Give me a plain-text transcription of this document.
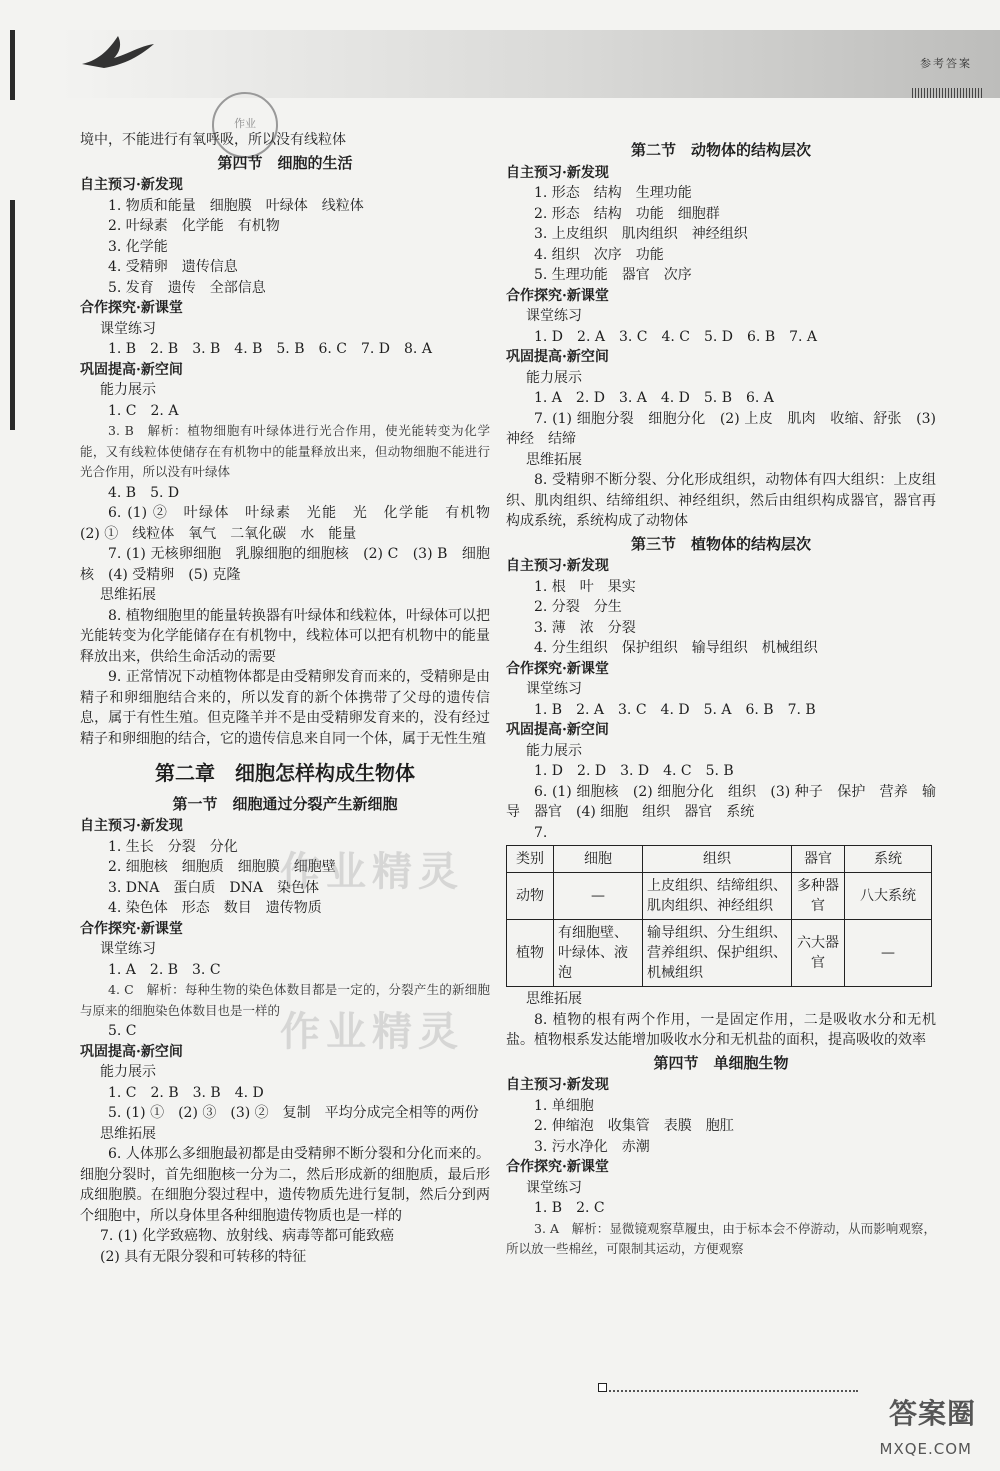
参考答案
作业
境中，不能进行有氧呼吸，所以没有线粒体
第四节　细胞的生活
自主预习·新发现
1. 物质和能量　细胞膜　叶绿体　线粒体
2. 叶绿素　化学能　有机物
3. 化学能
4. 受精卵　遗传信息
5. 发育　遗传　全部信息
合作探究·新课堂
课堂练习
1. B　2. B　3. B　4. B　5. B　6. C　7. D　8. A
巩固提高·新空间
能力展示
1. C　2. A
3. B　解析：植物细胞有叶绿体进行光合作用，使光能转变为化学能，又有线粒体使储存在有机物中的能量释放出来，但动物细胞不能进行光合作用，所以没有叶绿体
4. B　5. D
6. (1) ②　叶绿体　叶绿素　光能　光　化学能　有机物　(2) ①　线粒体　氧气　二氧化碳　水　能量
7. (1) 无核卵细胞　乳腺细胞的细胞核　(2) C　(3) B　细胞核　(4) 受精卵　(5) 克隆
思维拓展
8. 植物细胞里的能量转换器有叶绿体和线粒体，叶绿体可以把光能转变为化学能储存在有机物中，线粒体可以把有机物中的能量释放出来，供给生命活动的需要
9. 正常情况下动植物体都是由受精卵发育而来的，受精卵是由精子和卵细胞结合来的，所以发育的新个体携带了父母的遗传信息，属于有性生殖。但克隆羊并不是由受精卵发育来的，没有经过精子和卵细胞的结合，它的遗传信息来自同一个体，属于无性生殖
第二章　细胞怎样构成生物体
第一节　细胞通过分裂产生新细胞
自主预习·新发现
1. 生长　分裂　分化
2. 细胞核　细胞质　细胞膜　细胞壁
3. DNA　蛋白质　DNA　染色体
4. 染色体　形态　数目　遗传物质
合作探究·新课堂
课堂练习
1. A　2. B　3. C
4. C　解析：每种生物的染色体数目都是一定的，分裂产生的新细胞与原来的细胞染色体数目也是一样的
5. C
巩固提高·新空间
能力展示
1. C　2. B　3. B　4. D
5. (1) ①　(2) ③　(3) ②　复制　平均分成完全相等的两份
思维拓展
6. 人体那么多细胞最初都是由受精卵不断分裂和分化而来的。细胞分裂时，首先细胞核一分为二，然后形成新的细胞质，最后形成细胞膜。在细胞分裂过程中，遗传物质先进行复制，然后分到两个细胞中，所以身体里各种细胞遗传物质也是一样的
7. (1) 化学致癌物、放射线、病毒等都可能致癌
(2) 具有无限分裂和可转移的特征
第二节　动物体的结构层次
自主预习·新发现
1. 形态　结构　生理功能
2. 形态　结构　功能　细胞群
3. 上皮组织　肌肉组织　神经组织
4. 组织　次序　功能
5. 生理功能　器官　次序
合作探究·新课堂
课堂练习
1. D　2. A　3. C　4. C　5. D　6. B　7. A
巩固提高·新空间
能力展示
1. A　2. D　3. A　4. D　5. B　6. A
7. (1) 细胞分裂　细胞分化　(2) 上皮　肌肉　收缩、舒张　(3) 神经　结缔
思维拓展
8. 受精卵不断分裂、分化形成组织，动物体有四大组织：上皮组织、肌肉组织、结缔组织、神经组织，然后由组织构成器官，器官再构成系统，系统构成了动物体
第三节　植物体的结构层次
自主预习·新发现
1. 根　叶　果实
2. 分裂　分生
3. 薄　浓　分裂
4. 分生组织　保护组织　输导组织　机械组织
合作探究·新课堂
课堂练习
1. B　2. A　3. C　4. D　5. A　6. B　7. B
巩固提高·新空间
能力展示
1. D　2. D　3. D　4. C　5. B
6. (1) 细胞核　(2) 细胞分化　组织　(3) 种子　保护　营养　输导　器官　(4) 细胞　组织　器官　系统
7.
类别	细胞	组织	器官	系统
动物	—	上皮组织、结缔组织、肌肉组织、神经组织	多种器官	八大系统
植物	有细胞壁、叶绿体、液泡	输导组织、分生组织、营养组织、保护组织、机械组织	六大器官	—
思维拓展
8. 植物的根有两个作用，一是固定作用，二是吸收水分和无机盐。植物根系发达能增加吸收水分和无机盐的面积，提高吸收的效率
第四节　单细胞生物
自主预习·新发现
1. 单细胞
2. 伸缩泡　收集管　表膜　胞肛
3. 污水净化　赤潮
合作探究·新课堂
课堂练习
1. B　2. C
3. A　解析：显微镜观察草履虫，由于标本会不停游动，从而影响观察，所以放一些棉丝，可限制其运动，方便观察
作业精灵
作业精灵
答案圈
MXQE.COM
